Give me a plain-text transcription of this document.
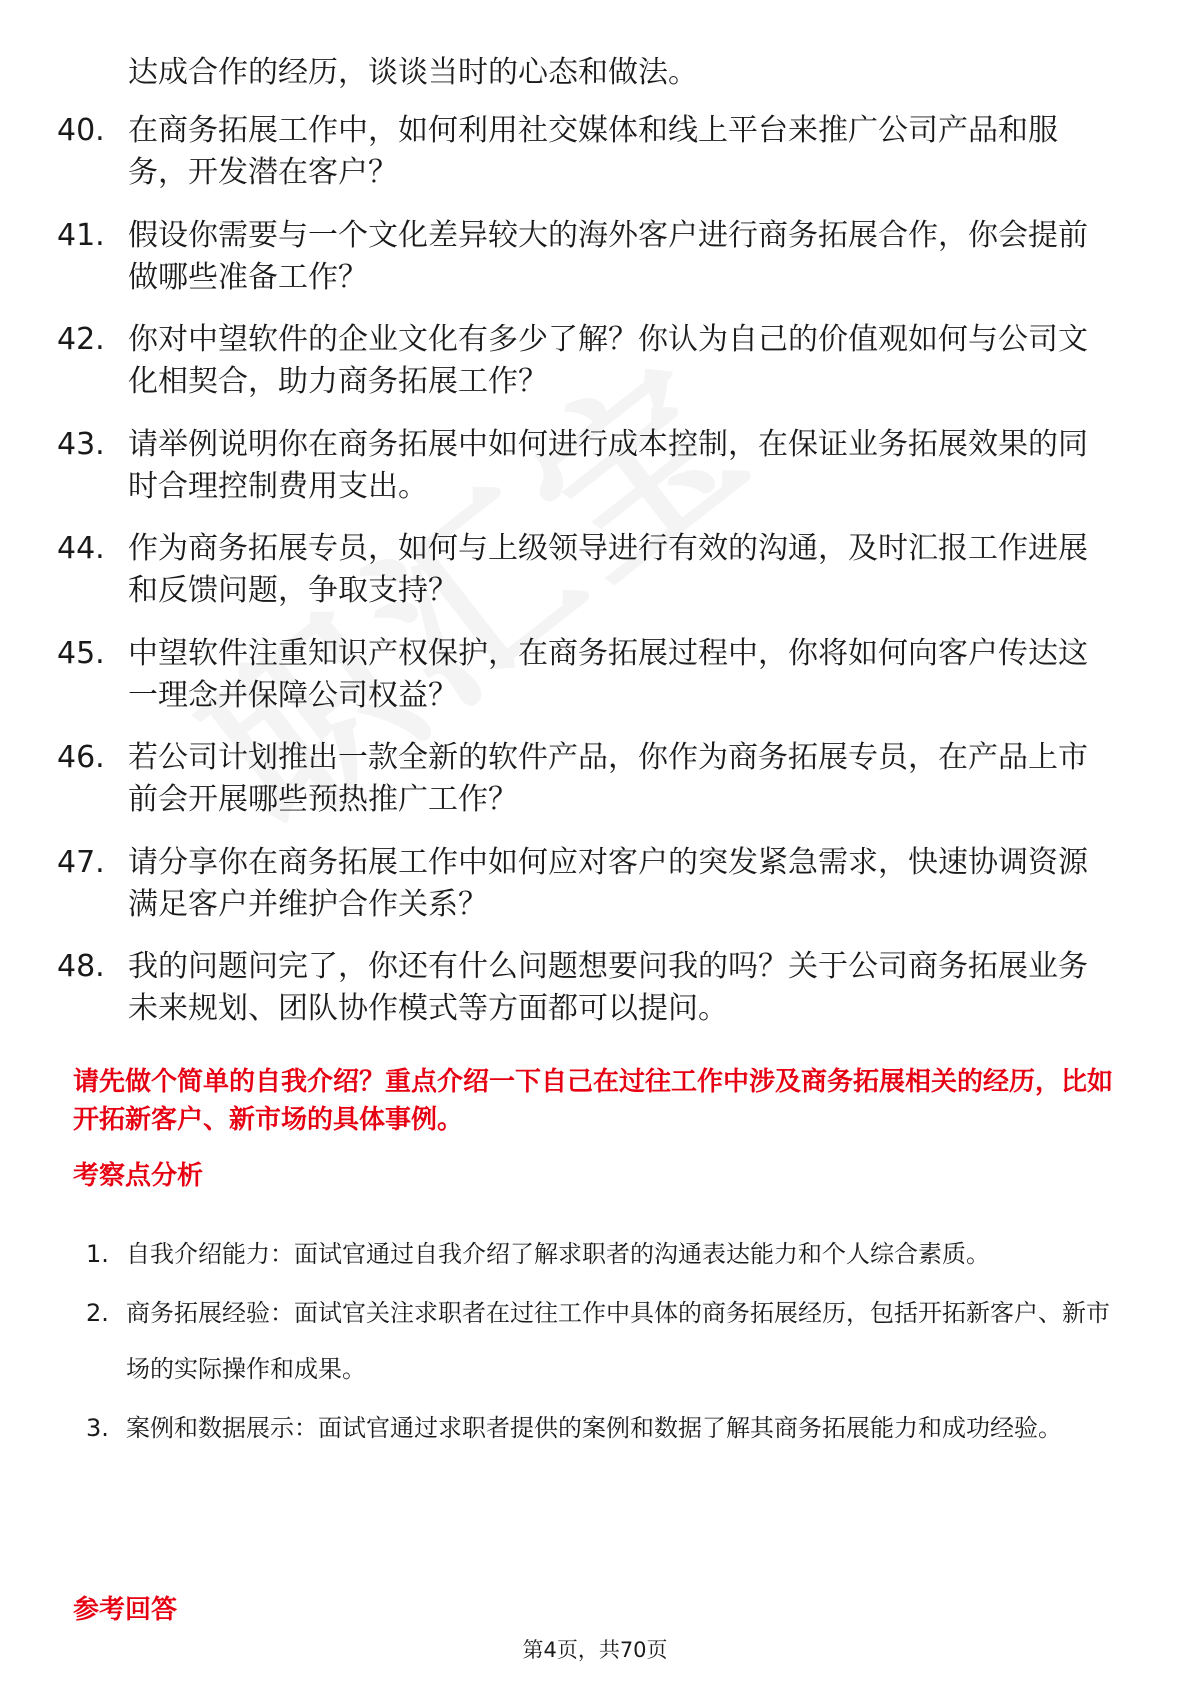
达成合作的经历，谈谈当时的心态和做法。

40. 在商务拓展工作中，如何利用社交媒体和线上平台来推广公司产品和服务，开发潜在客户？
41. 假设你需要与一个文化差异较大的海外客户进行商务拓展合作，你会提前做哪些准备工作？
42. 你对中望软件的企业文化有多少了解？你认为自己的价值观如何与公司文化相契合，助力商务拓展工作？
43. 请举例说明你在商务拓展中如何进行成本控制，在保证业务拓展效果的同时合理控制费用支出。
44. 作为商务拓展专员，如何与上级领导进行有效的沟通，及时汇报工作进展和反馈问题，争取支持？
45. 中望软件注重知识产权保护，在商务拓展过程中，你将如何向客户传达这一理念并保障公司权益？
46. 若公司计划推出一款全新的软件产品，你作为商务拓展专员，在产品上市前会开展哪些预热推广工作？
47. 请分享你在商务拓展工作中如何应对客户的突发紧急需求，快速协调资源满足客户并维护合作关系？
48. 我的问题问完了，你还有什么问题想要问我的吗？关于公司商务拓展业务未来规划、团队协作模式等方面都可以提问。

请先做个简单的自我介绍？重点介绍一下自己在过往工作中涉及商务拓展相关的经历，比如开拓新客户、新市场的具体事例。

考察点分析
1. 自我介绍能力：面试官通过自我介绍了解求职者的沟通表达能力和个人综合素质。
2. 商务拓展经验：面试官关注求职者在过往工作中具体的商务拓展经历，包括开拓新客户、新市场的实际操作和成果。
3. 案例和数据展示：面试官通过求职者提供的案例和数据了解其商务拓展能力和成功经验。
参考回答
第4页，共70页
